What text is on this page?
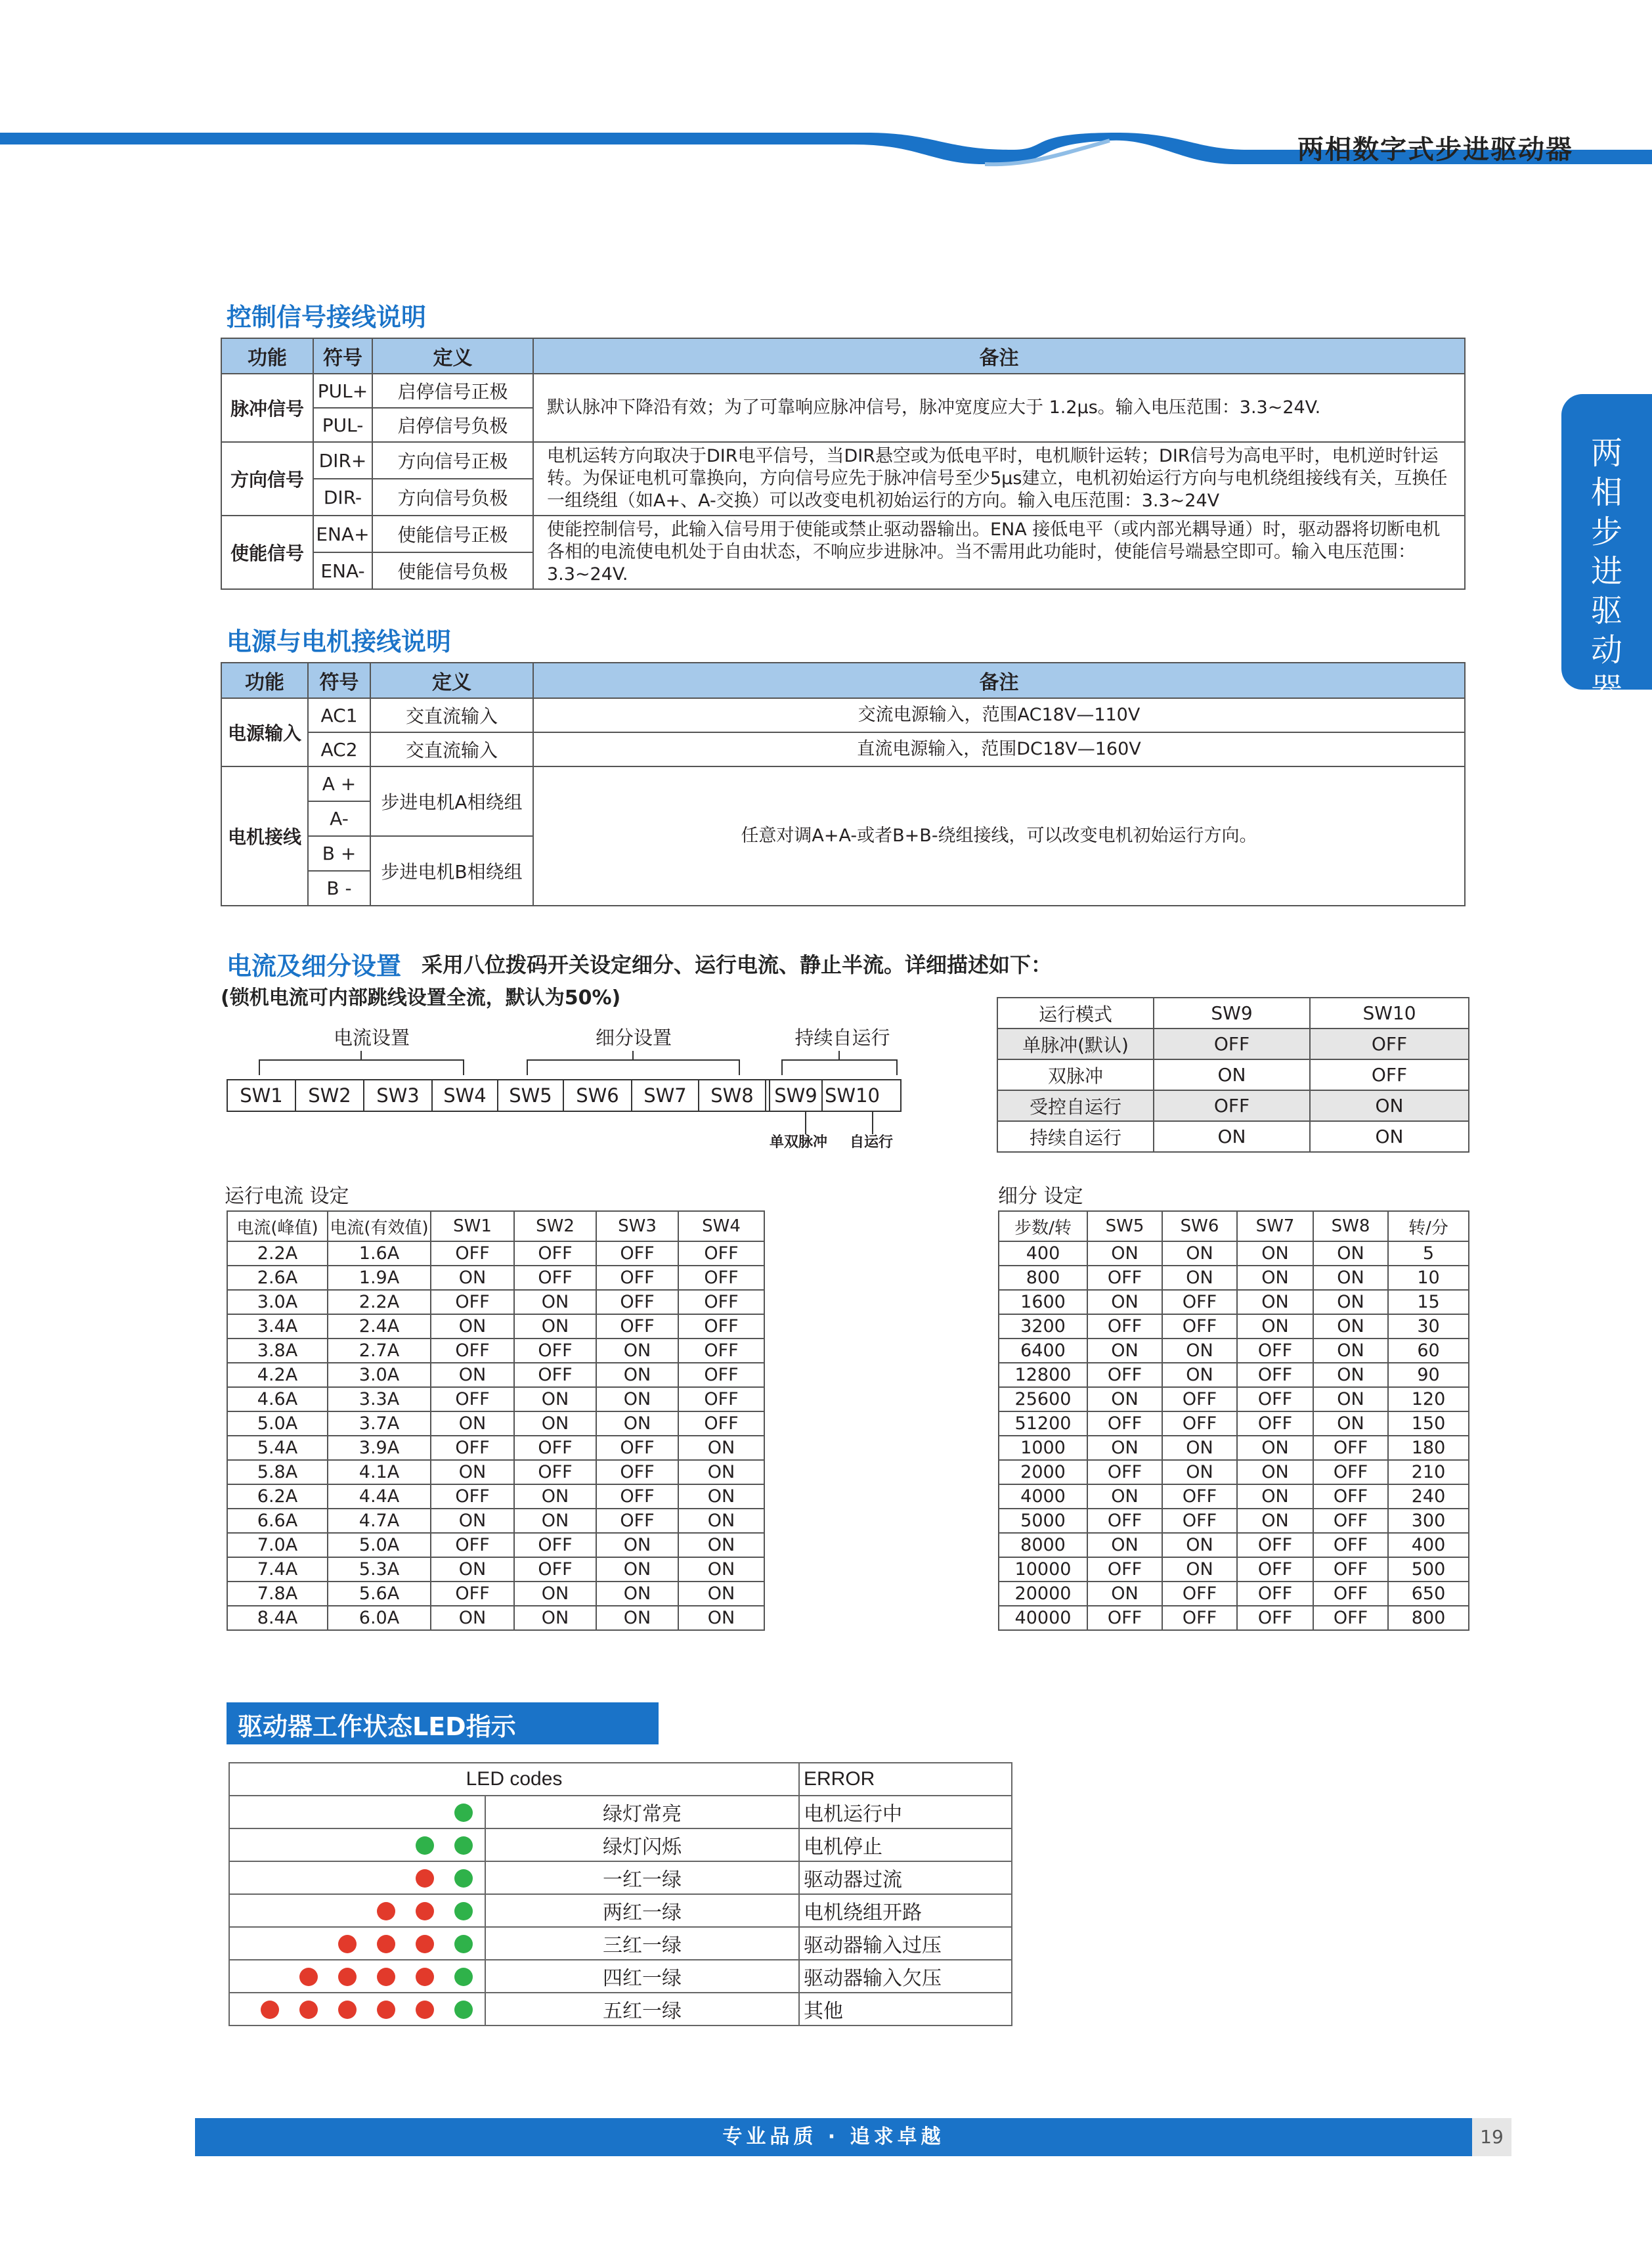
两相数字式步进驱动器
两
相
步
进
驱
动
器
控制信号接线说明
功能	符号	定义	备注
脉冲信号	PUL+	启停信号正极	默认脉冲下降沿有效；为了可靠响应脉冲信号，脉冲宽度应大于 1.2μs。输入电压范围：3.3~24V.
	PUL-	启停信号负极	
方向信号	DIR+	方向信号正极	电机运转方向取决于DIR电平信号，当DIR悬空或为低电平时，电机顺针运转；DIR信号为高电平时，电机逆时针运转。为保证电机可靠换向，方向信号应先于脉冲信号至少5μs建立，电机初始运行方向与电机绕组接线有关，互换任一组绕组（如A+、A-交换）可以改变电机初始运行的方向。输入电压范围：3.3~24V
	DIR-	方向信号负极	
使能信号	ENA+	使能信号正极	使能控制信号，此输入信号用于使能或禁止驱动器输出。ENA 接低电平（或内部光耦导通）时，驱动器将切断电机各相的电流使电机处于自由状态，不响应步进脉冲。当不需用此功能时，使能信号端悬空即可。输入电压范围：3.3~24V.
	ENA-	使能信号负极	
电源与电机接线说明
功能	符号	定义	备注
电源输入	AC1	交直流输入	交流电源输入，范围AC18V—110V
	AC2	交直流输入	直流电源输入，范围DC18V—160V
电机接线	A +	步进电机A相绕组	任意对调A+A-或者B+B-绕组接线，可以改变电机初始运行方向。
	A-		
	B +	步进电机B相绕组	
	B -		
电流及细分设置 采用八位拨码开关设定细分、运行电流、静止半流。详细描述如下：
(锁机电流可内部跳线设置全流，默认为50%)
电流设置	细分设置	持续自运行
SW1	SW2	SW3	SW4	SW5	SW6	SW7	SW8	SW9 SW10
单双脉冲 自运行
运行模式	SW9	SW10
单脉冲(默认)	OFF	OFF
双脉冲	ON	OFF
受控自运行	OFF	ON
持续自运行	ON	ON
运行电流 设定
电流(峰值)	电流(有效值)	SW1	SW2	SW3	SW4
2.2A	1.6A	OFF	OFF	OFF	OFF
2.6A	1.9A	ON	OFF	OFF	OFF
3.0A	2.2A	OFF	ON	OFF	OFF
3.4A	2.4A	ON	ON	OFF	OFF
3.8A	2.7A	OFF	OFF	ON	OFF
4.2A	3.0A	ON	OFF	ON	OFF
4.6A	3.3A	OFF	ON	ON	OFF
5.0A	3.7A	ON	ON	ON	OFF
5.4A	3.9A	OFF	OFF	OFF	ON
5.8A	4.1A	ON	OFF	OFF	ON
6.2A	4.4A	OFF	ON	OFF	ON
6.6A	4.7A	ON	ON	OFF	ON
7.0A	5.0A	OFF	OFF	ON	ON
7.4A	5.3A	ON	OFF	ON	ON
7.8A	5.6A	OFF	ON	ON	ON
8.4A	6.0A	ON	ON	ON	ON
细分 设定
步数/转	SW5	SW6	SW7	SW8	转/分
400	ON	ON	ON	ON	5
800	OFF	ON	ON	ON	10
1600	ON	OFF	ON	ON	15
3200	OFF	OFF	ON	ON	30
6400	ON	ON	OFF	ON	60
12800	OFF	ON	OFF	ON	90
25600	ON	OFF	OFF	ON	120
51200	OFF	OFF	OFF	ON	150
1000	ON	ON	ON	OFF	180
2000	OFF	ON	ON	OFF	210
4000	ON	OFF	ON	OFF	240
5000	OFF	OFF	ON	OFF	300
8000	ON	ON	OFF	OFF	400
10000	OFF	ON	OFF	OFF	500
20000	ON	OFF	OFF	OFF	650
40000	OFF	OFF	OFF	OFF	800
驱动器工作状态LED指示
LED codes		ERROR
	绿灯常亮	电机运行中
	绿灯闪烁	电机停止
	一红一绿	驱动器过流
	两红一绿	电机绕组开路
	三红一绿	驱动器输入过压
	四红一绿	驱动器输入欠压
	五红一绿	其他
专业品质 · 追求卓越	19
